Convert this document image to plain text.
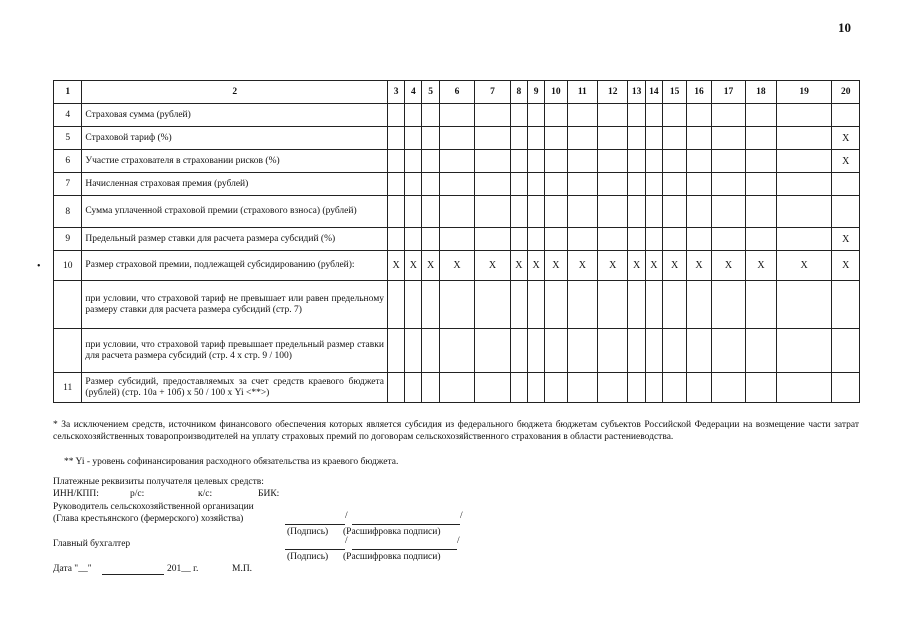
10
•
1	2	3	4	5	6	7	8	9	10	11	12	13	14	15	16	17	18	19	20
4	Страховая сумма (рублей)																		
5	Страховой тариф (%)																		X
6	Участие страхователя в страховании рисков (%)																		X
7	Начисленная страховая премия (рублей)																		
8	Сумма уплаченной страховой премии (страхового взноса) (рублей)																		
9	Предельный размер ставки для расчета размера субсидий (%)																		X
10	Размер страховой премии, подлежащей субсидированию (рублей):	X	X	X	X	X	X	X	X	X	X	X	X	X	X	X	X	X	X
	при условии, что страховой тариф не превышает или равен предельному размеру ставки для расчета размера субсидий (стр. 7)																		
	при условии, что страховой тариф превышает предельный размер ставки для расчета размера субсидий (стр. 4 х стр. 9 / 100)																		
11	Размер субсидий, предоставляемых за счет средств краевого бюджета (рублей) (стр. 10а + 10б) х 50 / 100 х Yi <**>)																		
* За исключением средств, источником финансового обеспечения которых является субсидия из федерального бюджета бюджетам субъектов Российской Федерации на возмещение части затрат сельскохозяйственных товаропроизводителей на уплату страховых премий по договорам сельскохозяйственного страхования в области растениеводства.
** Yi - уровень софинансирования расходного обязательства из краевого бюджета.
Платежные реквизиты получателя целевых средств:
ИНН/КПП:	р/с:	к/с:	БИК:
Руководитель сельскохозяйственной организации
(Глава крестьянского (фермерского) хозяйства)	/	/
(Подпись) (Расшифровка подписи)
Главный бухгалтер	/	/
(Подпись) (Расшифровка подписи)
Дата "__"	201__ г.	М.П.
